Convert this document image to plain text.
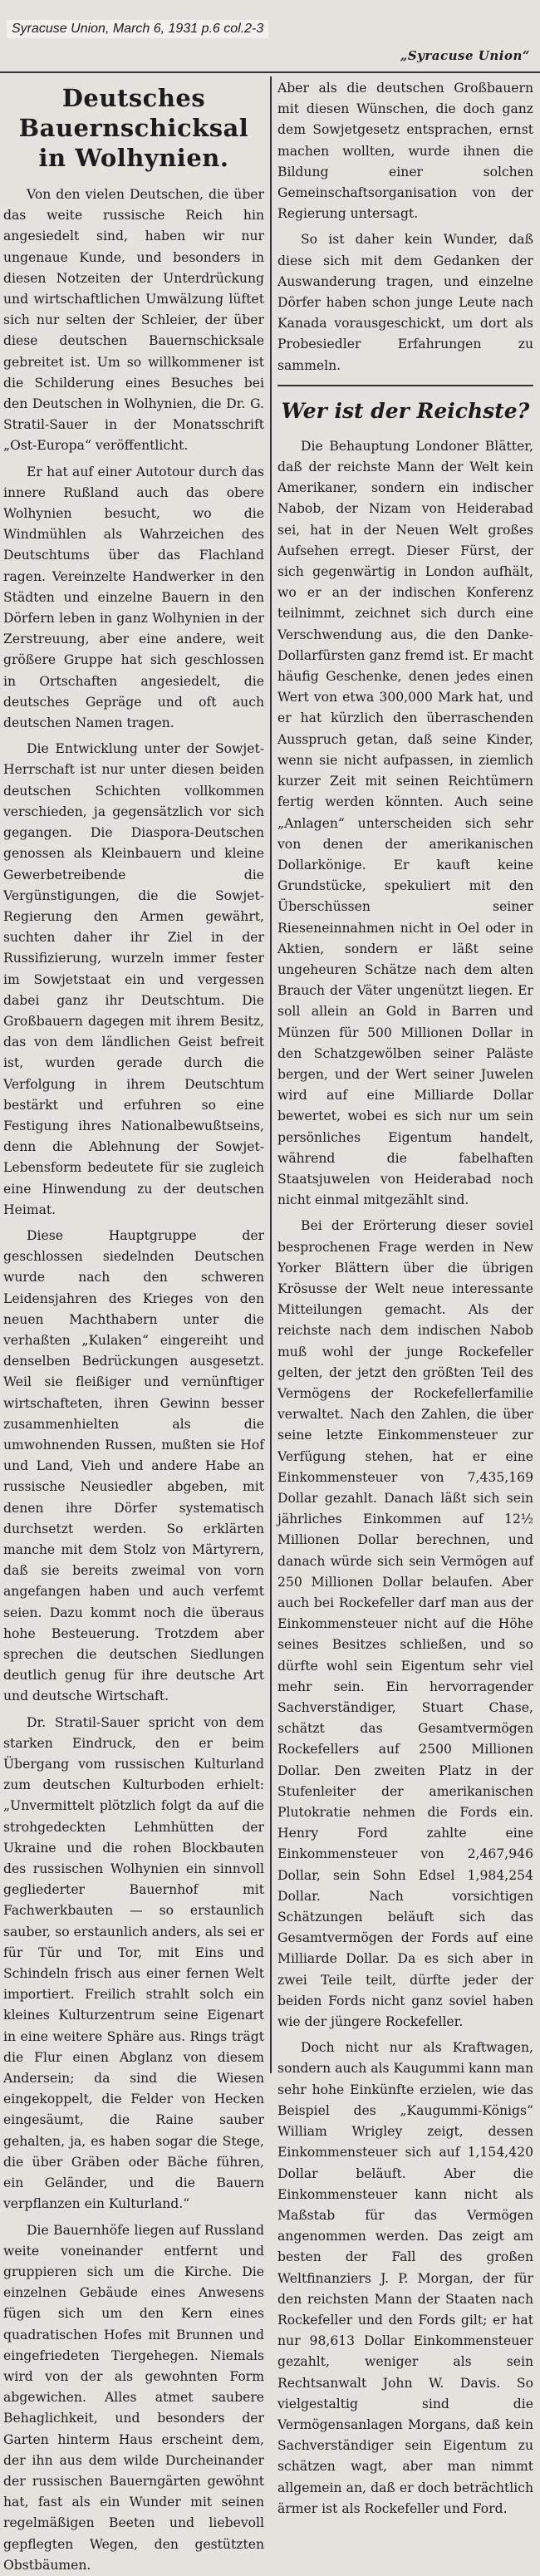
Syracuse Union, March 6, 1931 p.6 col.2-3
„Syracuse Union“
Deutsches Bauernschicksal in Wolhynien.

Von den vielen Deutschen, die über das weite russische Reich hin angesiedelt sind, haben wir nur ungenaue Kunde, und besonders in diesen Notzeiten der Unterdrückung und wirtschaftlichen Umwälzung lüftet sich nur selten der Schleier, der über diese deutschen Bauernschicksale gebreitet ist. Um so willkommener ist die Schilderung eines Besuches bei den Deutschen in Wolhynien, die Dr. G. Stratil-Sauer in der Monatsschrift „Ost-Europa“ veröffentlicht.

Er hat auf einer Autotour durch das innere Rußland auch das obere Wolhynien besucht, wo die Windmühlen als Wahrzeichen des Deutschtums über das Flachland ragen. Vereinzelte Handwerker in den Städten und einzelne Bauern in den Dörfern leben in ganz Wolhynien in der Zerstreuung, aber eine andere, weit größere Gruppe hat sich geschlossen in Ortschaften angesiedelt, die deutsches Gepräge und oft auch deutschen Namen tragen.

Die Entwicklung unter der Sowjet-Herrschaft ist nur unter diesen beiden deutschen Schichten vollkommen verschieden, ja gegensätzlich vor sich gegangen. Die Diaspora-Deutschen genossen als Kleinbauern und kleine Gewerbetreibende die Vergünstigungen, die die Sowjet-Regierung den Armen gewährt, suchten daher ihr Ziel in der Russifizierung, wurzeln immer fester im Sowjetstaat ein und vergessen dabei ganz ihr Deutschtum. Die Großbauern dagegen mit ihrem Besitz, das von dem ländlichen Geist befreit ist, wurden gerade durch die Verfolgung in ihrem Deutschtum bestärkt und erfuhren so eine Festigung ihres Nationalbewußtseins, denn die Ablehnung der Sowjet-Lebensform bedeutete für sie zugleich eine Hinwendung zu der deutschen Heimat.

Diese Hauptgruppe der geschlossen siedelnden Deutschen wurde nach den schweren Leidensjahren des Krieges von den neuen Machthabern unter die verhaßten „Kulaken“ eingereiht und denselben Bedrückungen ausgesetzt. Weil sie fleißiger und vernünftiger wirtschafteten, ihren Gewinn besser zusammenhielten als die umwohnenden Russen, mußten sie Hof und Land, Vieh und andere Habe an russische Neusiedler abgeben, mit denen ihre Dörfer systematisch durchsetzt werden. So erklärten manche mit dem Stolz von Märtyrern, daß sie bereits zweimal von vorn angefangen haben und auch verfemt seien. Dazu kommt noch die überaus hohe Besteuerung. Trotzdem aber sprechen die deutschen Siedlungen deutlich genug für ihre deutsche Art und deutsche Wirtschaft.

Dr. Stratil-Sauer spricht von dem starken Eindruck, den er beim Übergang vom russischen Kulturland zum deutschen Kulturboden erhielt: „Unvermittelt plötzlich folgt da auf die strohgedeckten Lehmhütten der Ukraine und die rohen Blockbauten des russischen Wolhynien ein sinnvoll gegliederter Bauernhof mit Fachwerkbauten — so erstaunlich sauber, so erstaunlich anders, als sei er für Tür und Tor, mit Eins und Schindeln frisch aus einer fernen Welt importiert. Freilich strahlt solch ein kleines Kulturzentrum seine Eigenart in eine weitere Sphäre aus. Rings trägt die Flur einen Abglanz von diesem Andersein; da sind die Wiesen eingekoppelt, die Felder von Hecken eingesäumt, die Raine sauber gehalten, ja, es haben sogar die Stege, die über Gräben oder Bäche führen, ein Geländer, und die Bauern verpflanzen ein Kulturland.“

Die Bauernhöfe liegen auf Russland weite voneinander entfernt und gruppieren sich um die Kirche. Die einzelnen Gebäude eines Anwesens fügen sich um den Kern eines quadratischen Hofes mit Brunnen und eingefriedeten Tiergehegen. Niemals wird von der als gewohnten Form abgewichen. Alles atmet saubere Behaglichkeit, und besonders der Garten hinterm Haus erscheint dem, der ihn aus dem wilde Durcheinander der russischen Bauerngärten gewöhnt hat, fast als ein Wunder mit seinen regelmäßigen Beeten und liebevoll gepflegten Wegen, den gestützten Obstbäumen.

Aber als die deutschen Großbauern mit diesen Wünschen, die doch ganz dem Sowjetgesetz entsprachen, ernst machen wollten, wurde ihnen die Bildung einer solchen Gemeinschaftsorganisation von der Regierung untersagt.

So ist daher kein Wunder, daß diese sich mit dem Gedanken der Auswanderung tragen, und einzelne Dörfer haben schon junge Leute nach Kanada vorausgeschickt, um dort als Probesiedler Erfahrungen zu sammeln.

Wer ist der Reichste?

Die Behauptung Londoner Blätter, daß der reichste Mann der Welt kein Amerikaner, sondern ein indischer Nabob, der Nizam von Heiderabad sei, hat in der Neuen Welt großes Aufsehen erregt. Dieser Fürst, der sich gegenwärtig in London aufhält, wo er an der indischen Konferenz teilnimmt, zeichnet sich durch eine Verschwendung aus, die den Danke-Dollarfürsten ganz fremd ist. Er macht häufig Geschenke, denen jedes einen Wert von etwa 300,000 Mark hat, und er hat kürzlich den überraschenden Ausspruch getan, daß seine Kinder, wenn sie nicht aufpassen, in ziemlich kurzer Zeit mit seinen Reichtümern fertig werden könnten. Auch seine „Anlagen“ unterscheiden sich sehr von denen der amerikanischen Dollarkönige. Er kauft keine Grundstücke, spekuliert mit den Überschüssen seiner Rieseneinnahmen nicht in Oel oder in Aktien, sondern er läßt seine ungeheuren Schätze nach dem alten Brauch der Väter ungenützt liegen. Er soll allein an Gold in Barren und Münzen für 500 Millionen Dollar in den Schatzgewölben seiner Paläste bergen, und der Wert seiner Juwelen wird auf eine Milliarde Dollar bewertet, wobei es sich nur um sein persönliches Eigentum handelt, während die fabelhaften Staatsjuwelen von Heiderabad noch nicht einmal mitgezählt sind.

Bei der Erörterung dieser soviel besprochenen Frage werden in New Yorker Blättern über die übrigen Krösusse der Welt neue interessante Mitteilungen gemacht. Als der reichste nach dem indischen Nabob muß wohl der junge Rockefeller gelten, der jetzt den größten Teil des Vermögens der Rockefellerfamilie verwaltet. Nach den Zahlen, die über seine letzte Einkommensteuer zur Verfügung stehen, hat er eine Einkommensteuer von 7,435,169 Dollar gezahlt. Danach läßt sich sein jährliches Einkommen auf 12½ Millionen Dollar berechnen, und danach würde sich sein Vermögen auf 250 Millionen Dollar belaufen. Aber auch bei Rockefeller darf man aus der Einkommensteuer nicht auf die Höhe seines Besitzes schließen, und so dürfte wohl sein Eigentum sehr viel mehr sein. Ein hervorragender Sachverständiger, Stuart Chase, schätzt das Gesamtvermögen Rockefellers auf 2500 Millionen Dollar. Den zweiten Platz in der Stufenleiter der amerikanischen Plutokratie nehmen die Fords ein. Henry Ford zahlte eine Einkommensteuer von 2,467,946 Dollar, sein Sohn Edsel 1,984,254 Dollar. Nach vorsichtigen Schätzungen beläuft sich das Gesamtvermögen der Fords auf eine Milliarde Dollar. Da es sich aber in zwei Teile teilt, dürfte jeder der beiden Fords nicht ganz soviel haben wie der jüngere Rockefeller.

Doch nicht nur als Kraftwagen, sondern auch als Kaugummi kann man sehr hohe Einkünfte erzielen, wie das Beispiel des „Kaugummi-Königs“ William Wrigley zeigt, dessen Einkommensteuer sich auf 1,154,420 Dollar beläuft. Aber die Einkommensteuer kann nicht als Maßstab für das Vermögen angenommen werden. Das zeigt am besten der Fall des großen Weltfinanziers J. P. Morgan, der für den reichsten Mann der Staaten nach Rockefeller und den Fords gilt; er hat nur 98,613 Dollar Einkommensteuer gezahlt, weniger als sein Rechtsanwalt John W. Davis. So vielgestaltig sind die Vermögensanlagen Morgans, daß kein Sachverständiger sein Eigentum zu schätzen wagt, aber man nimmt allgemein an, daß er doch beträchtlich ärmer ist als Rockefeller und Ford.
